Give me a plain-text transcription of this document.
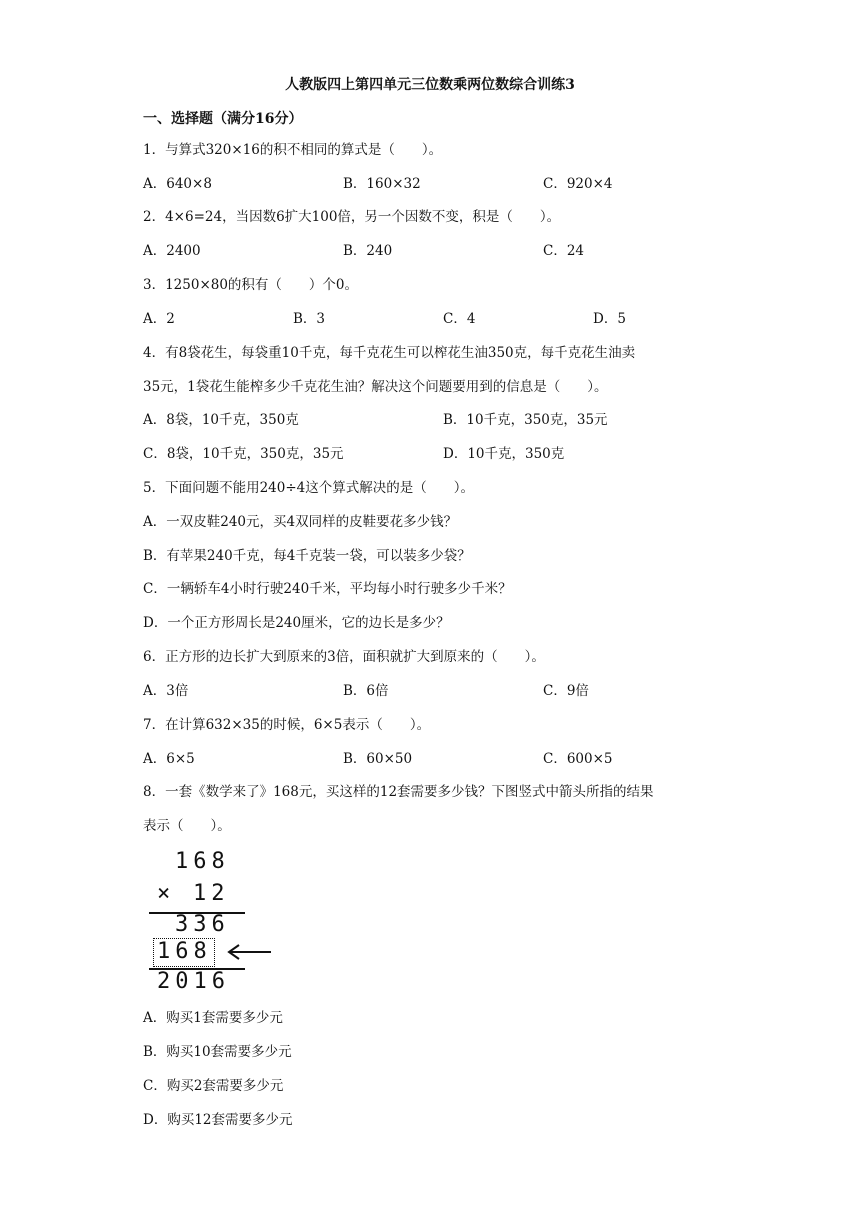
人教版四上第四单元三位数乘两位数综合训练3
一、选择题（满分16分）
1．与算式320×16的积不相同的算式是（　　）。
A．640×8	B．160×32	C．920×4
2．4×6=24，当因数6扩大100倍，另一个因数不变，积是（　　）。
A．2400	B．240	C．24
3．1250×80的积有（　　）个0。
A．2	B．3	C．4	D．5
4．有8袋花生，每袋重10千克，每千克花生可以榨花生油350克，每千克花生油卖
35元，1袋花生能榨多少千克花生油？解决这个问题要用到的信息是（　　）。
A．8袋，10千克，350克	B．10千克，350克，35元
C．8袋，10千克，350克，35元	D．10千克，350克
5．下面问题不能用240÷4这个算式解决的是（　　）。
A．一双皮鞋240元，买4双同样的皮鞋要花多少钱？
B．有苹果240千克，每4千克装一袋，可以装多少袋？
C．一辆轿车4小时行驶240千米，平均每小时行驶多少千米？
D．一个正方形周长是240厘米，它的边长是多少？
6．正方形的边长扩大到原来的3倍，面积就扩大到原来的（　　）。
A．3倍	B．6倍	C．9倍
7．在计算632×35的时候，6×5表示（　　）。
A．6×5	B．60×50	C．600×5
8．一套《数学来了》168元，买这样的12套需要多少钱？下图竖式中箭头所指的结果
表示（　　）。
168
× 12
336
168
2016
A．购买1套需要多少元
B．购买10套需要多少元
C．购买2套需要多少元
D．购买12套需要多少元
